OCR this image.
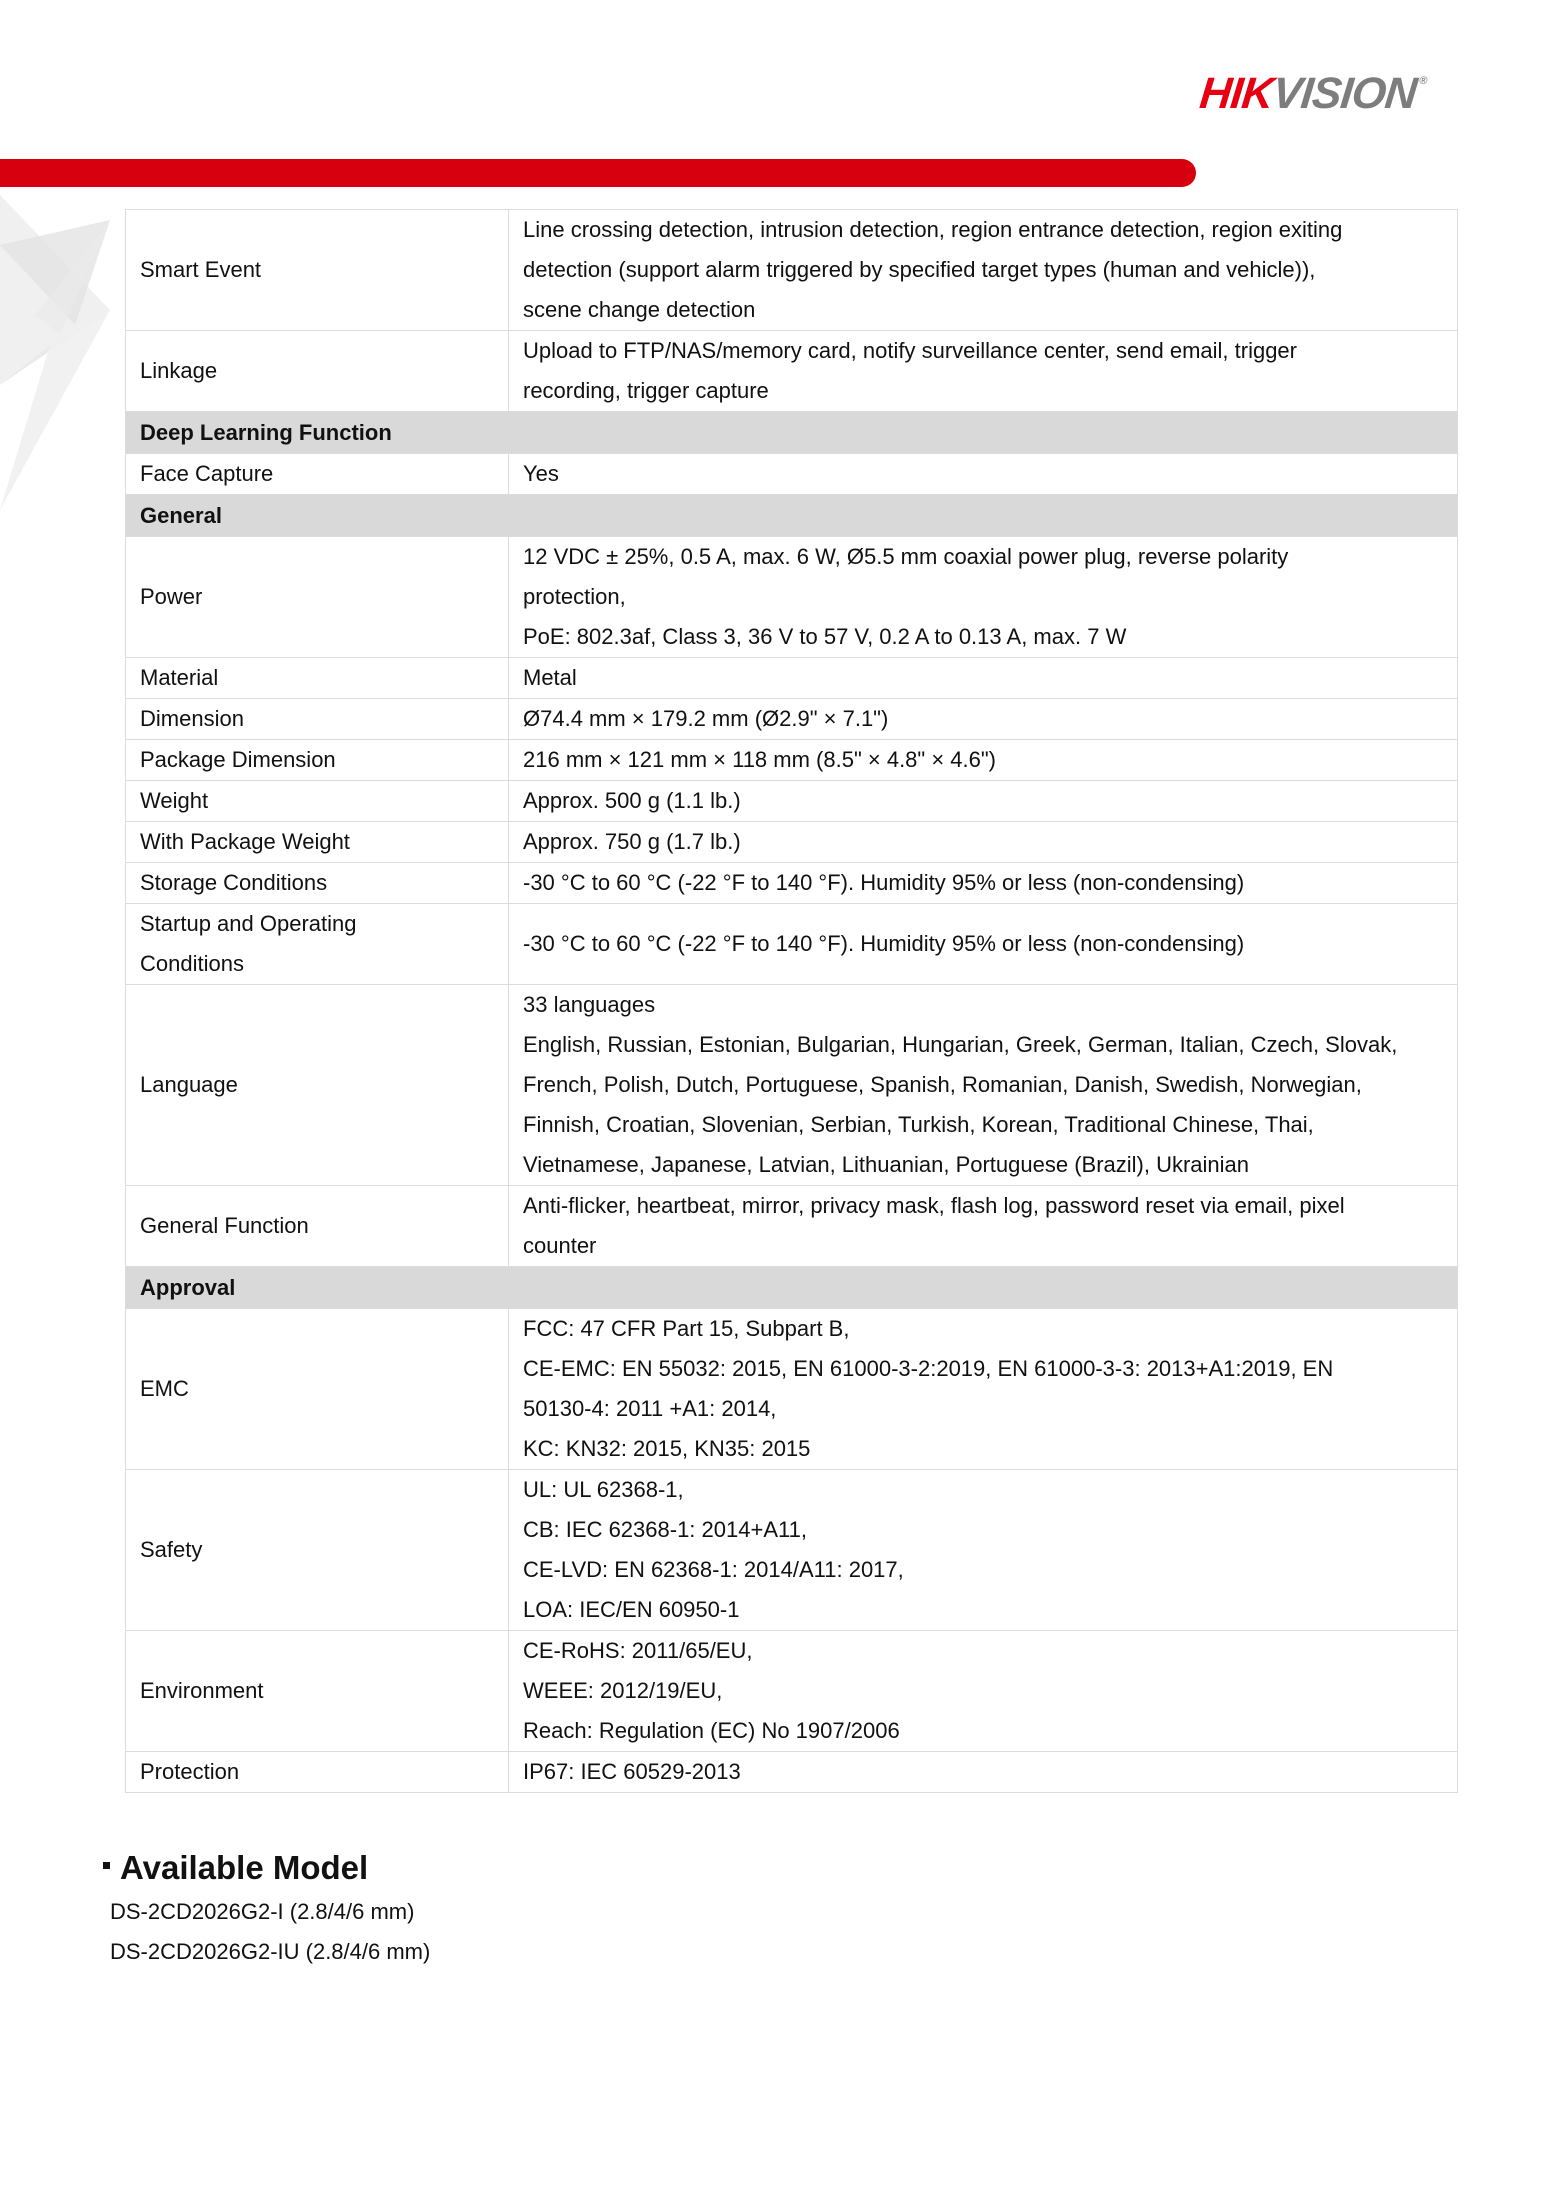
HIKVISION®
Smart Event	Line crossing detection, intrusion detection, region entrance detection, region exiting
detection (support alarm triggered by specified target types (human and vehicle)),
scene change detection

Linkage	Upload to FTP/NAS/memory card, notify surveillance center, send email, trigger
recording, trigger capture

Deep Learning Function	
Face Capture	Yes

General	
Power	12 VDC ± 25%, 0.5 A, max. 6 W, Ø5.5 mm coaxial power plug, reverse polarity
protection,
PoE: 802.3af, Class 3, 36 V to 57 V, 0.2 A to 0.13 A, max. 7 W

Material	Metal

Dimension	Ø74.4 mm × 179.2 mm (Ø2.9" × 7.1")

Package Dimension	216 mm × 121 mm × 118 mm (8.5" × 4.8" × 4.6")

Weight	Approx. 500 g (1.1 lb.)

With Package Weight	Approx. 750 g (1.7 lb.)

Storage Conditions	-30 °C to 60 °C (-22 °F to 140 °F). Humidity 95% or less (non-condensing)

Startup and Operating
Conditions	-30 °C to 60 °C (-22 °F to 140 °F). Humidity 95% or less (non-condensing)

Language	33 languages
English, Russian, Estonian, Bulgarian, Hungarian, Greek, German, Italian, Czech, Slovak,
French, Polish, Dutch, Portuguese, Spanish, Romanian, Danish, Swedish, Norwegian,
Finnish, Croatian, Slovenian, Serbian, Turkish, Korean, Traditional Chinese, Thai,
Vietnamese, Japanese, Latvian, Lithuanian, Portuguese (Brazil), Ukrainian

General Function	Anti-flicker, heartbeat, mirror, privacy mask, flash log, password reset via email, pixel
counter

Approval	
EMC	FCC: 47 CFR Part 15, Subpart B,
CE-EMC: EN 55032: 2015, EN 61000-3-2:2019, EN 61000-3-3: 2013+A1:2019, EN
50130-4: 2011 +A1: 2014,
KC: KN32: 2015, KN35: 2015

Safety	UL: UL 62368-1,
CB: IEC 62368-1: 2014+A11,
CE-LVD: EN 62368-1: 2014/A11: 2017,
LOA: IEC/EN 60950-1

Environment	CE-RoHS: 2011/65/EU,
WEEE: 2012/19/EU,
Reach: Regulation (EC) No 1907/2006

Protection	IP67: IEC 60529-2013
Available Model
DS-2CD2026G2-I (2.8/4/6 mm)
DS-2CD2026G2-IU (2.8/4/6 mm)
